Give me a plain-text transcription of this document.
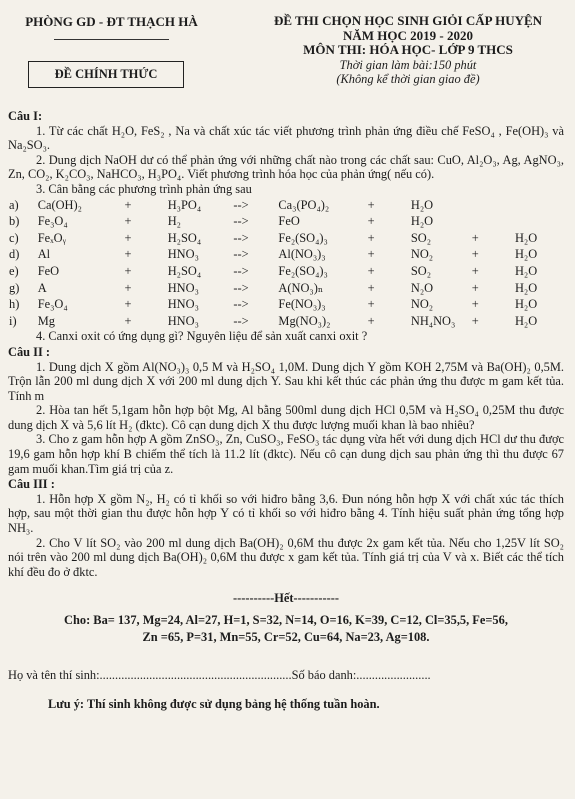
PHÒNG GD - ĐT THẠCH HÀ
ĐỀ CHÍNH THỨC
ĐỀ THI CHỌN HỌC SINH GIỎI CẤP HUYỆN
NĂM HỌC 2019 - 2020
MÔN THI: HÓA HỌC- LỚP 9 THCS
Thời gian làm bài:150 phút
(Không kể thời gian giao đề)
Câu I:
1. Từ các chất H₂O, FeS₂ , Na và chất xúc tác viết phương trình phản ứng điều chế FeSO₄ , Fe(OH)₃ và Na₂SO₃.
2. Dung dịch NaOH dư có thể phản ứng với những chất nào trong các chất sau: CuO, Al₂O₃, Ag, AgNO₃, Zn, CO₂, K₂CO₃, NaHCO₃, H₃PO₄. Viết phương trình hóa học của phản ứng( nếu có).
3. Cân bằng các phương trình phản ứng sau
a)	Ca(OH)₂	+	H₃PO₄	-->	Ca₃(PO₄)₂	+	H₂O		
b)	Fe₃O₄	+	H₂	-->	FeO	+	H₂O		
c)	FeₓOᵧ	+	H₂SO₄	-->	Fe₂(SO₄)₃	+	SO₂	+	H₂O
d)	Al	+	HNO₃	-->	Al(NO₃)₃	+	NO₂	+	H₂O
e)	FeO	+	H₂SO₄	-->	Fe₂(SO₄)₃	+	SO₂	+	H₂O
g)	A	+	HNO₃	-->	A(NO₃)ₙ	+	N₂O	+	H₂O
h)	Fe₃O₄	+	HNO₃	-->	Fe(NO₃)₃	+	NO₂	+	H₂O
i)	Mg	+	HNO₃	-->	Mg(NO₃)₂	+	NH₄NO₃	+	H₂O
4. Canxi oxit có ứng dụng gì? Nguyên liệu để sản xuất canxi oxit ?
Câu II :
1. Dung dịch X gồm Al(NO₃)₃ 0,5 M và H₂SO₄ 1,0M. Dung dịch Y gồm KOH 2,75M và Ba(OH)₂ 0,5M. Trộn lẫn 200 ml dung dịch X với 200 ml dung dịch Y. Sau khi kết thúc các phản ứng thu được m gam kết tủa. Tính m
2. Hòa tan hết 5,1gam hỗn hợp bột Mg, Al bằng 500ml dung dịch HCl 0,5M và H₂SO₄ 0,25M thu được dung dịch X và 5,6 lít H₂ (đktc). Cô cạn dung dịch X thu được lượng muối khan là bao nhiêu?
3. Cho z gam hỗn hợp A gồm ZnSO₃, Zn, CuSO₃, FeSO₃ tác dụng vừa hết với dung dịch HCl dư thu được 19,6 gam hỗn hợp khí B chiếm thể tích là 11.2 lít (đktc). Nếu cô cạn dung dịch sau phản ứng thì thu được 67 gam muối khan.Tìm giá trị của z.
Câu III :
1. Hỗn hợp X gồm N₂, H₂ có tỉ khối so với hiđro bằng 3,6. Đun nóng hỗn hợp X với chất xúc tác thích hợp, sau một thời gian thu được hỗn hợp Y có tỉ khối so với hiđro bằng 4. Tính hiệu suất phản ứng tổng hợp NH₃.
2. Cho V lít SO₂ vào 200 ml dung dịch Ba(OH)₂ 0,6M thu được 2x gam kết tủa. Nếu cho 1,25V lít SO₂ nói trên vào 200 ml dung dịch Ba(OH)₂ 0,6M thu được x gam kết tủa. Tính giá trị của V và x. Biết các thể tích khí đều đo ở đktc.
----------Hết-----------
Cho: Ba= 137, Mg=24, Al=27, H=1, S=32, N=14, O=16, K=39, C=12, Cl=35,5, Fe=56,
Zn =65, P=31, Mn=55, Cr=52, Cu=64, Na=23, Ag=108.
Họ và tên thí sinh:..............................................................Số báo danh:........................
Lưu ý: Thí sinh không được sử dụng bảng hệ thống tuần hoàn.
